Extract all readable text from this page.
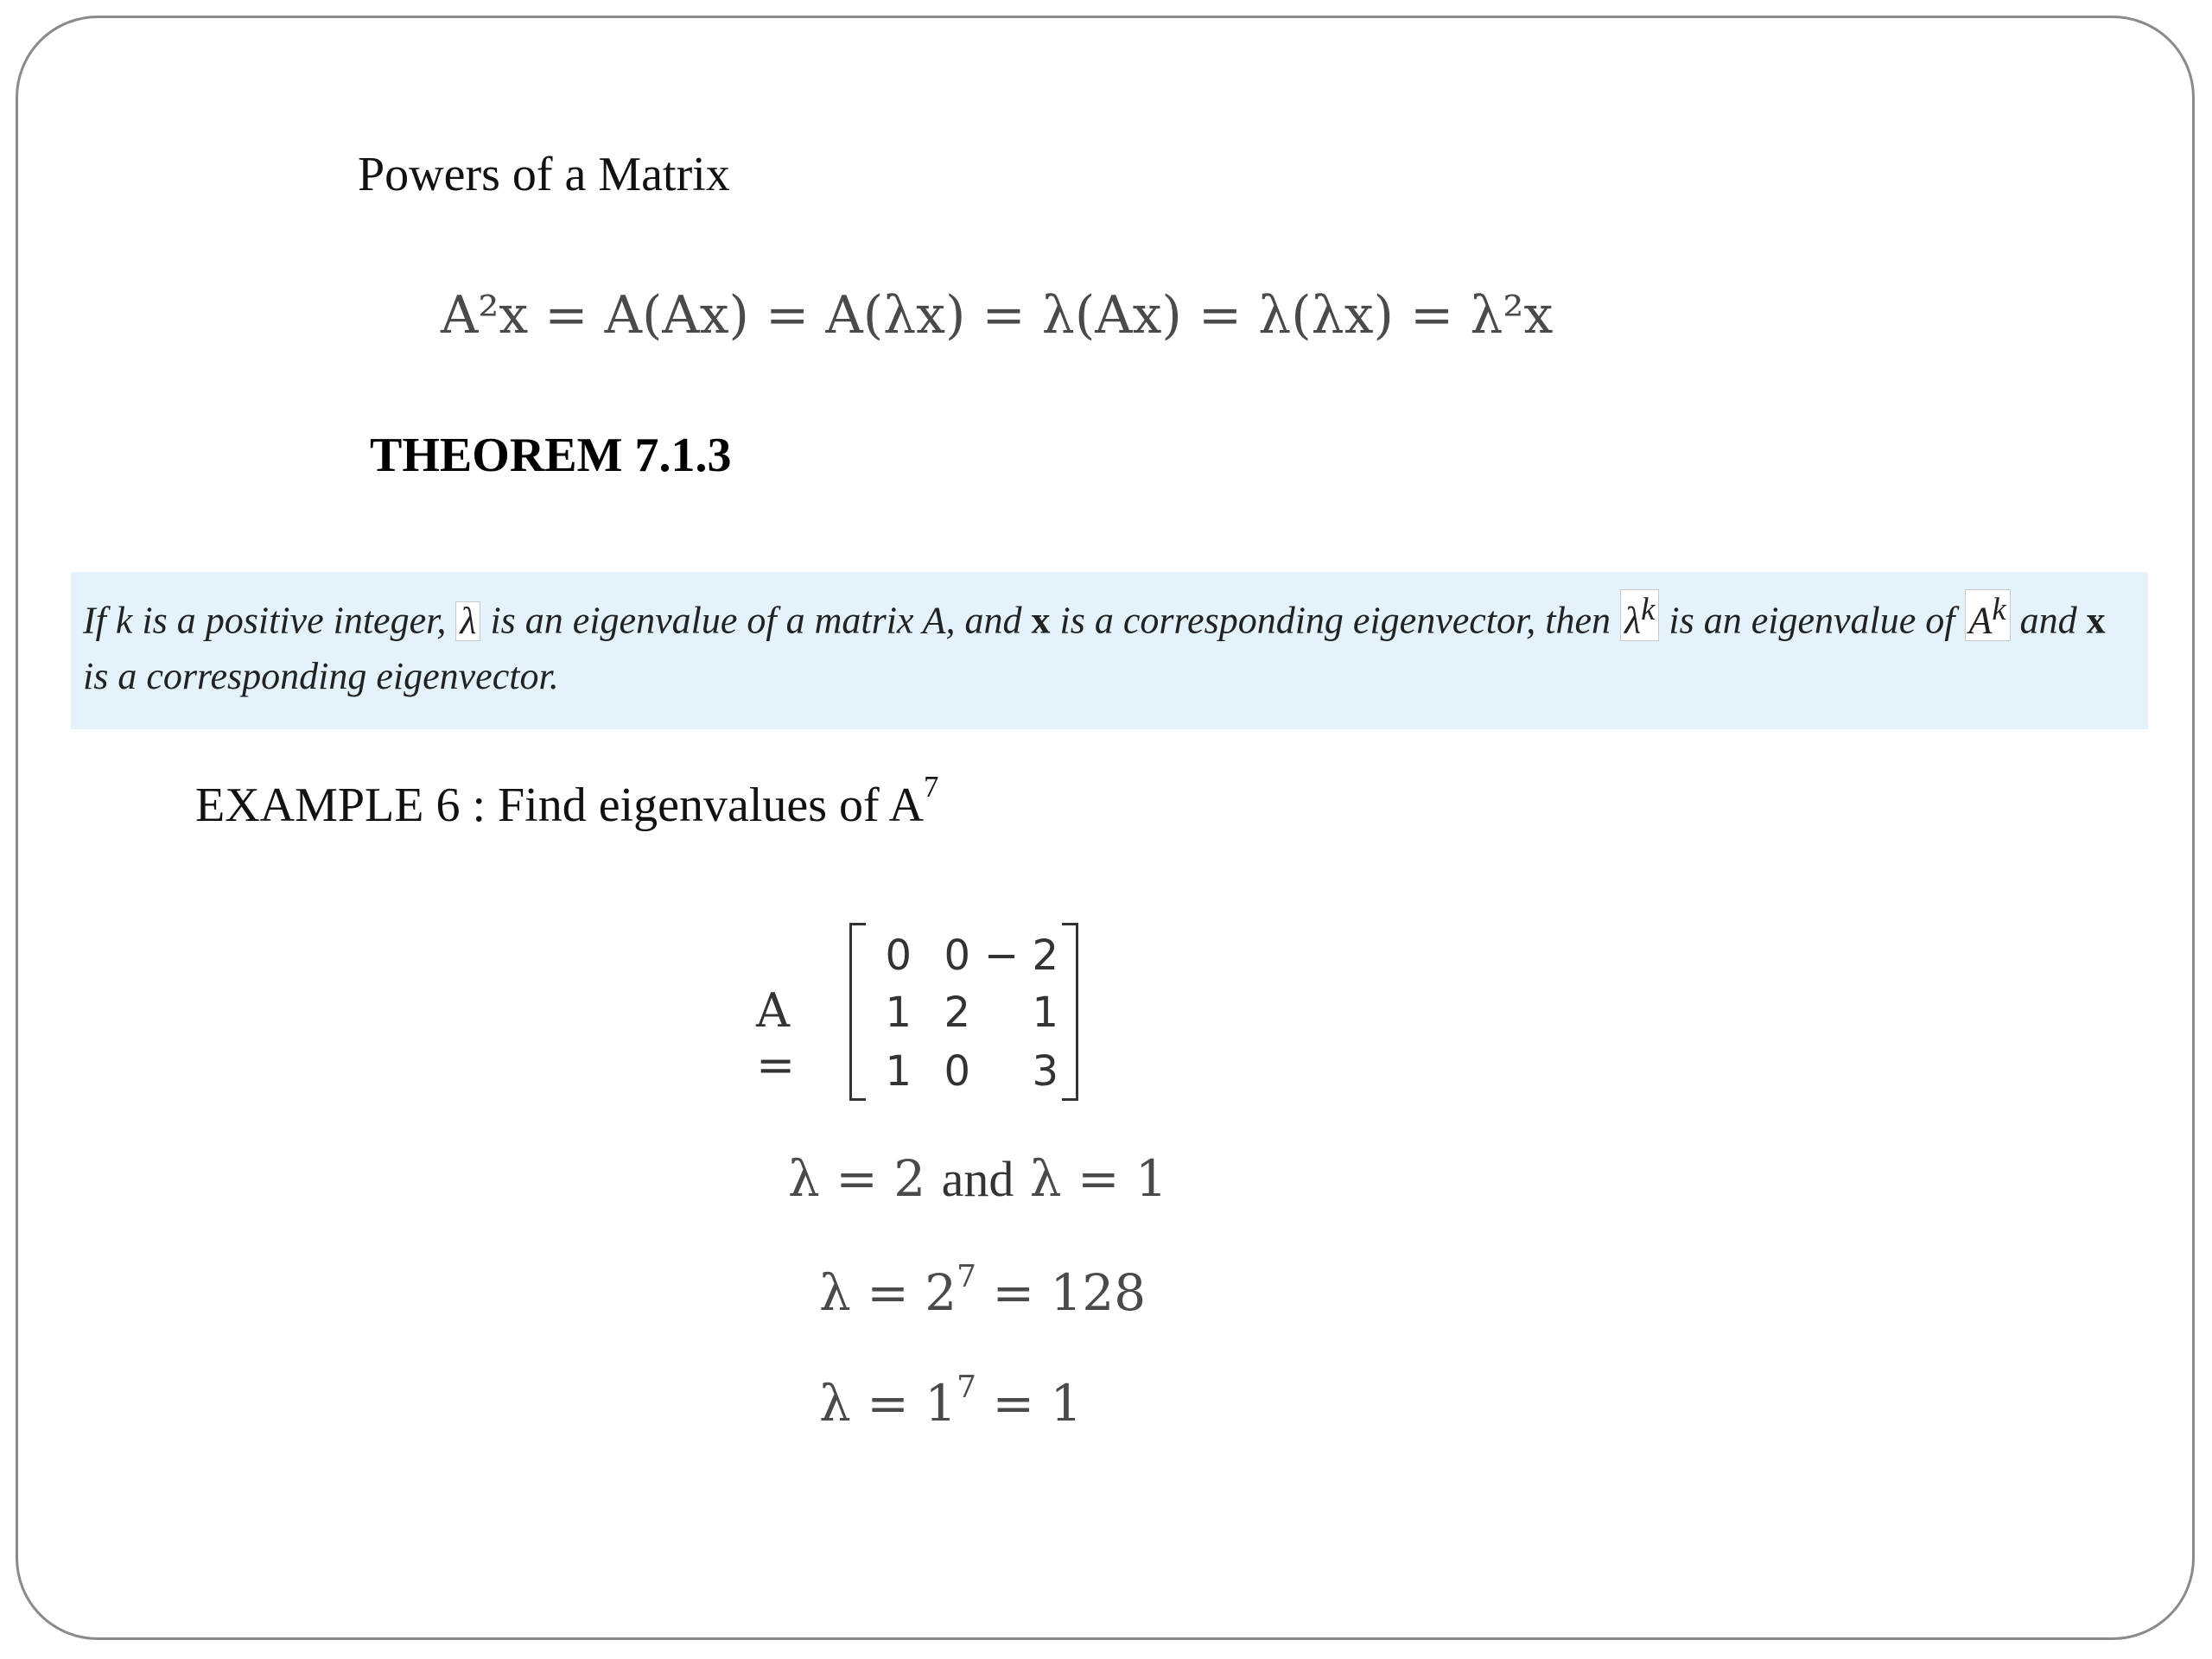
Powers of a Matrix
A²x = A(Ax) = A(λx) = λ(Ax) = λ(λx) = λ²x
THEOREM 7.1.3
If k is a positive integer, λ is an eigenvalue of a matrix A, and x is a corresponding eigenvector, then $\lambda^k$ is an eigenvalue of $A^k$ and x is a corresponding eigenvector.
EXAMPLE 6 : Find eigenvalues of $A^7$
A =
0 0 − 2
1 2	1
1 0	3
λ = 2 and λ = 1
$\lambda = 2^7 = 128$
$\lambda = 1^7 = 1$
